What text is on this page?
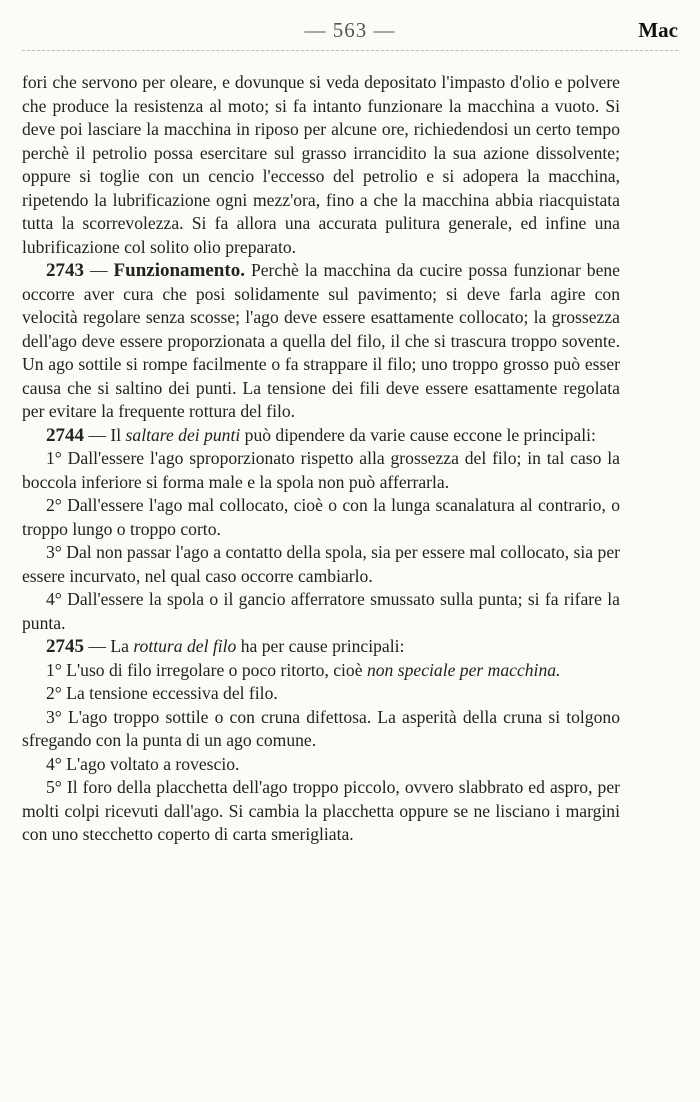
— 563 —	Mac

fori che servono per oleare, e dovunque si veda depositato l'impasto d'olio e polvere che produce la resistenza al moto; si fa intanto funzionare la macchina a vuoto. Si deve poi lasciare la macchina in riposo per alcune ore, richiedendosi un certo tempo perchè il petrolio possa esercitare sul grasso irrancidito la sua azione dissolvente; oppure si toglie con un cencio l'eccesso del petrolio e si adopera la macchina, ripetendo la lubrificazione ogni mezz'ora, fino a che la macchina abbia riacquistata tutta la scorrevolezza. Si fa allora una accurata pulitura generale, ed infine una lubrificazione col solito olio preparato.

2743 — Funzionamento. Perchè la macchina da cucire possa funzionar bene occorre aver cura che posi solidamente sul pavimento; si deve farla agire con velocità regolare senza scosse; l'ago deve essere esattamente collocato; la grossezza dell'ago deve essere proporzionata a quella del filo, il che si trascura troppo sovente. Un ago sottile si rompe facilmente o fa strappare il filo; uno troppo grosso può esser causa che si saltino dei punti. La tensione dei fili deve essere esattamente regolata per evitare la frequente rottura del filo.

2744 — Il saltare dei punti può dipendere da varie cause eccone le principali:

1° Dall'essere l'ago sproporzionato rispetto alla grossezza del filo; in tal caso la boccola inferiore si forma male e la spola non può afferrarla.

2° Dall'essere l'ago mal collocato, cioè o con la lunga scanalatura al contrario, o troppo lungo o troppo corto.

3° Dal non passar l'ago a contatto della spola, sia per essere mal collocato, sia per essere incurvato, nel qual caso occorre cambiarlo.

4° Dall'essere la spola o il gancio afferratore smussato sulla punta; si fa rifare la punta.

2745 — La rottura del filo ha per cause principali:

1° L'uso di filo irregolare o poco ritorto, cioè non speciale per macchina.

2° La tensione eccessiva del filo.

3° L'ago troppo sottile o con cruna difettosa. La asperità della cruna si tolgono sfregando con la punta di un ago comune.

4° L'ago voltato a rovescio.

5° Il foro della placchetta dell'ago troppo piccolo, ovvero slabbrato ed aspro, per molti colpi ricevuti dall'ago. Si cambia la placchetta oppure se ne lisciano i margini con uno stecchetto coperto di carta smerigliata.
